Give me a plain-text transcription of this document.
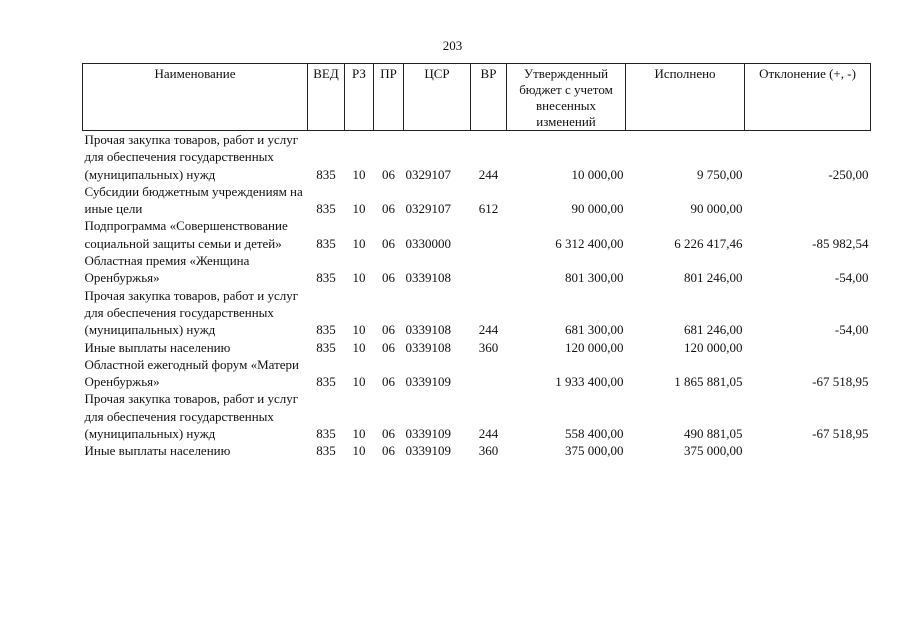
203
Наименование	ВЕД	РЗ	ПР	ЦСР	ВР	Утвержденный бюджет с учетом внесенных изменений	Исполнено	Отклонение (+, -)
Прочая закупка товаров, работ и услуг для обеспечения государственных (муниципальных) нужд	835	10	06	0329107	244	10 000,00	9 750,00	-250,00
Субсидии бюджетным учреждениям на иные цели	835	10	06	0329107	612	90 000,00	90 000,00	
Подпрограмма «Совершенствование социальной защиты семьи и детей»	835	10	06	0330000		6 312 400,00	6 226 417,46	-85 982,54
Областная премия «Женщина Оренбуржья»	835	10	06	0339108		801 300,00	801 246,00	-54,00
Прочая закупка товаров, работ и услуг для обеспечения государственных (муниципальных) нужд	835	10	06	0339108	244	681 300,00	681 246,00	-54,00
Иные выплаты населению	835	10	06	0339108	360	120 000,00	120 000,00	
Областной ежегодный форум «Матери Оренбуржья»	835	10	06	0339109		1 933 400,00	1 865 881,05	-67 518,95
Прочая закупка товаров, работ и услуг для обеспечения государственных (муниципальных) нужд	835	10	06	0339109	244	558 400,00	490 881,05	-67 518,95
Иные выплаты населению	835	10	06	0339109	360	375 000,00	375 000,00	
